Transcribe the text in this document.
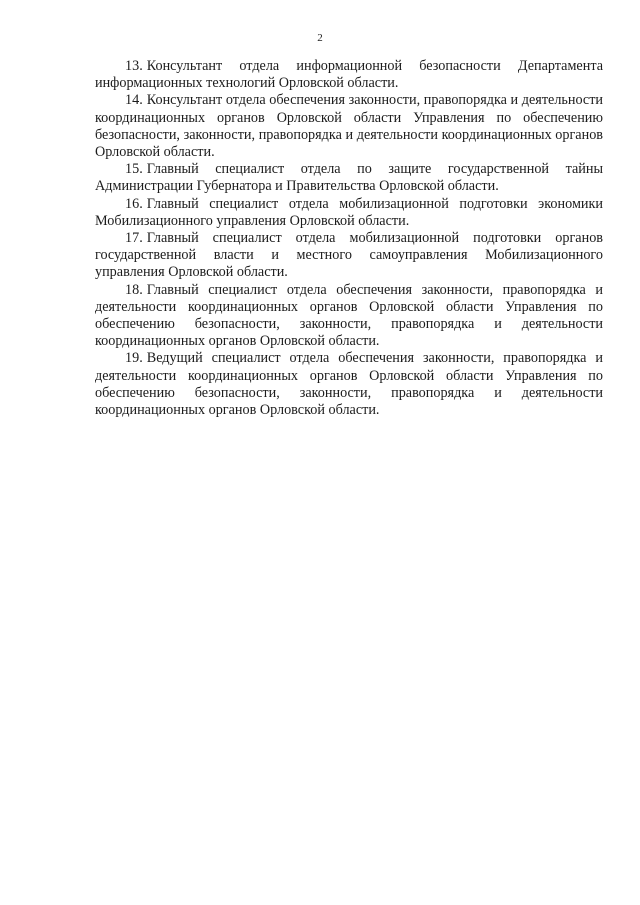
2

13. Консультант отдела информационной безопасности Департамента информационных технологий Орловской области.

14. Консультант отдела обеспечения законности, правопорядка и деятельности координационных органов Орловской области Управления по обеспечению безопасности, законности, правопорядка и деятельности координационных органов Орловской области.

15. Главный специалист отдела по защите государственной тайны Администрации Губернатора и Правительства Орловской области.

16. Главный специалист отдела мобилизационной подготовки экономики Мобилизационного управления Орловской области.

17. Главный специалист отдела мобилизационной подготовки органов государственной власти и местного самоуправления Мобилизационного управления Орловской области.

18. Главный специалист отдела обеспечения законности, правопорядка и деятельности координационных органов Орловской области Управления по обеспечению безопасности, законности, правопорядка и деятельности координационных органов Орловской области.

19. Ведущий специалист отдела обеспечения законности, правопорядка и деятельности координационных органов Орловской области Управления по обеспечению безопасности, законности, правопорядка и деятельности координационных органов Орловской области.
